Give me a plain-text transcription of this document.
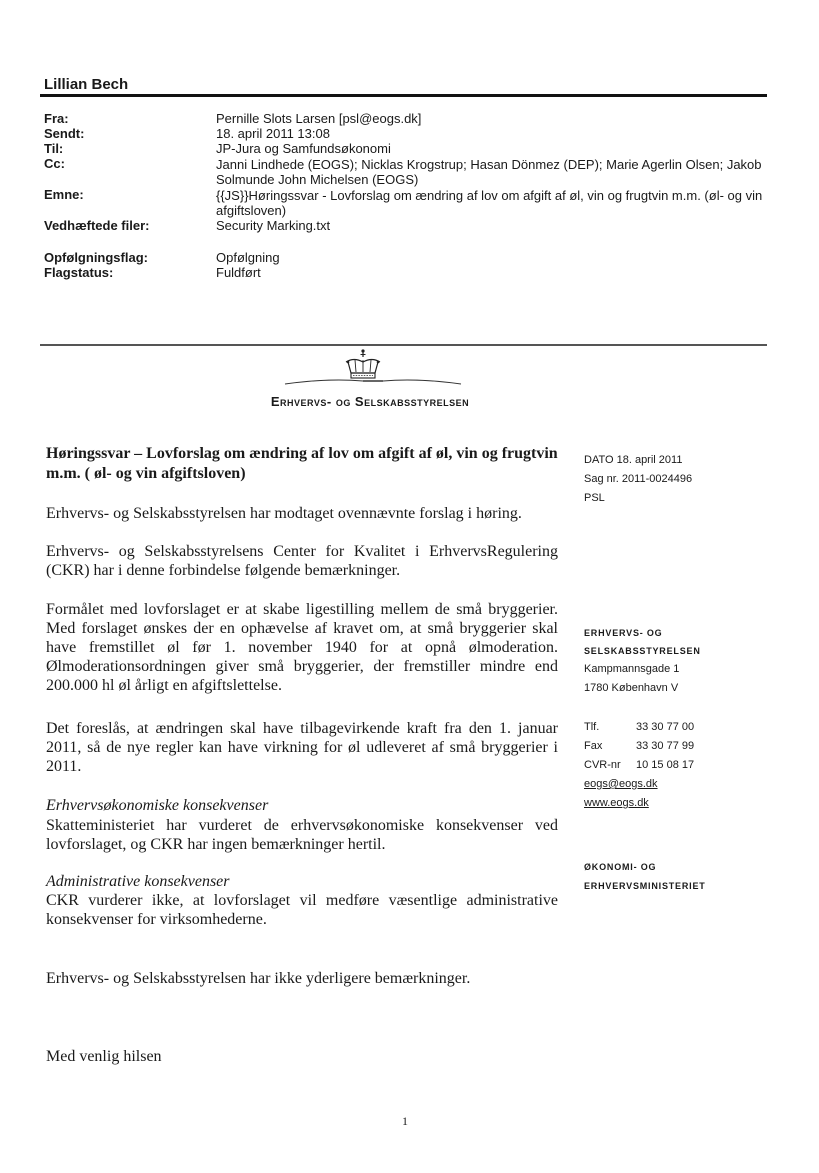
Lillian Bech
Fra:	Pernille Slots Larsen [psl@eogs.dk]
Sendt:	18. april 2011 13:08
Til:	JP-Jura og Samfundsøkonomi
Cc:	Janni Lindhede (EOGS); Nicklas Krogstrup; Hasan Dönmez (DEP); Marie Agerlin Olsen; Jakob Solmunde John Michelsen (EOGS)
Emne:	{{JS}}Høringssvar - Lovforslag om ændring af lov om afgift af øl, vin og frugtvin m.m. (øl- og vin afgiftsloven)
Vedhæftede filer:	Security Marking.txt
Opfølgningsflag:	Opfølgning
Flagstatus:	Fuldført
Erhvervs- og Selskabsstyrelsen
Høringssvar – Lovforslag om ændring af lov om afgift af øl, vin og frugtvin m.m. ( øl- og vin afgiftsloven)
Erhvervs- og Selskabsstyrelsen har modtaget ovennævnte forslag i høring.
Erhvervs- og Selskabsstyrelsens Center for Kvalitet i ErhvervsRegulering (CKR) har i denne forbindelse følgende bemærkninger.
Formålet med lovforslaget er at skabe ligestilling mellem de små bryggerier. Med forslaget ønskes der en ophævelse af kravet om, at små bryggerier skal have fremstillet øl før 1. november 1940 for at opnå ølmoderation. Ølmoderationsordningen giver små bryggerier, der fremstiller mindre end 200.000 hl øl årligt en afgiftslettelse.
Det foreslås, at ændringen skal have tilbagevirkende kraft fra den 1. januar 2011, så de nye regler kan have virkning for øl udleveret af små bryggerier i 2011.
Erhvervsøkonomiske konsekvenser
Skatteministeriet har vurderet de erhvervsøkonomiske konsekvenser ved lovforslaget, og CKR har ingen bemærkninger hertil.
Administrative konsekvenser
CKR vurderer ikke, at lovforslaget vil medføre væsentlige administrative konsekvenser for virksomhederne.
Erhvervs- og Selskabsstyrelsen har ikke yderligere bemærkninger.
Med venlig hilsen
DATO 18. april 2011
Sag nr. 2011-0024496
PSL
ERHVERVS- OG
SELSKABSSTYRELSEN
Kampmannsgade 1
1780 København V
Tlf.	33 30 77 00
Fax	33 30 77 99
CVR-nr 10 15 08 17
eogs@eogs.dk
www.eogs.dk
ØKONOMI- OG
ERHVERVSMINISTERIET
1
